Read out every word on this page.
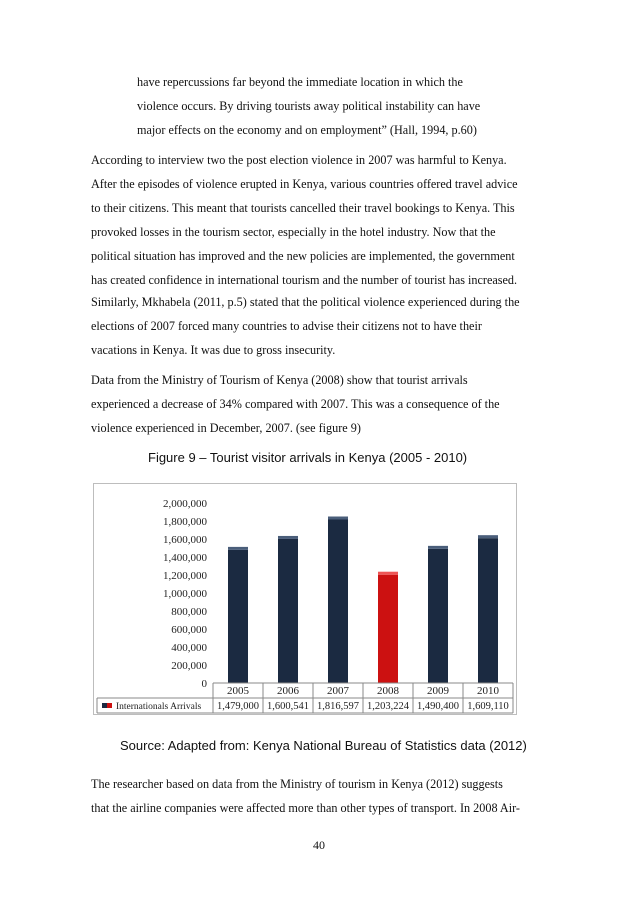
have repercussions far beyond the immediate location in which the
violence occurs. By driving tourists away political instability can have
major effects on the economy and on employment” (Hall, 1994, p.60)

According to interview two the post election violence in 2007 was harmful to Kenya.
After the episodes of violence erupted in Kenya, various countries offered travel advice
to their citizens. This meant that tourists cancelled their travel bookings to Kenya. This
provoked losses in the tourism sector, especially in the hotel industry. Now that the
political situation has improved and the new policies are implemented, the government
has created confidence in international tourism and the number of tourist has increased.

Similarly, Mkhabela (2011, p.5) stated that the political violence experienced during the
elections of 2007 forced many countries to advise their citizens not to have their
vacations in Kenya. It was due to gross insecurity.

Data from the Ministry of Tourism of Kenya (2008) show that tourist arrivals
experienced a decrease of 34% compared with 2007. This was a consequence of the
violence experienced in December, 2007. (see figure 9)

Figure 9 – Tourist visitor arrivals in Kenya (2005 - 2010)

0
200,000
400,000
600,000
800,000
1,000,000
1,200,000
1,400,000
1,600,000
1,800,000
2,000,000
Internationals Arrivals
2005
1,479,000
2006
1,600,541
2007
1,816,597
2008
1,203,224
2009
1,490,400
2010
1,609,110

Source: Adapted from: Kenya National Bureau of Statistics data (2012)

The researcher based on data from the Ministry of tourism in Kenya (2012) suggests
that the airline companies were affected more than other types of transport. In 2008 Air-

40
